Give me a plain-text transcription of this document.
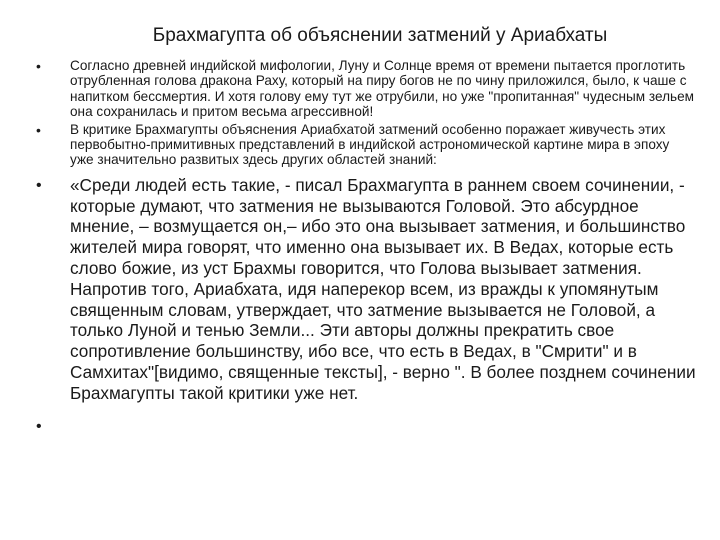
Брахмагупта об объяснении затмений у Ариабхаты
• Согласно древней индийской мифологии, Луну и Солнце время от времени пытается проглотить отрубленная голова дракона Раху, который на пиру богов не по чину приложился, было, к чаше с напитком бессмертия. И хотя голову ему тут же отрубили, но уже "пропитанная" чудесным зельем она сохранилась и притом весьма агрессивной!
• В критике Брахмагупты объяснения Ариабхатой затмений особенно поражает живучесть этих первобытно-примитивных представлений в индийской астрономической картине мира в эпоху уже значительно развитых здесь других областей знаний:
• «Среди людей есть такие, - писал Брахмагупта в раннем своем сочинении, - которые думают, что затмения не вызываются Головой. Это абсурдное мнение, – возмущается он,– ибо это она вызывает затмения, и большинство жителей мира говорят, что именно она вызывает их. В Ведах, которые есть слово божие, из уст Брахмы говорится, что Голова вызывает затмения. Напротив того, Ариабхата, идя наперекор всем, из вражды к упомянутым священным словам, утверждает, что затмение вызывается не Головой, а только Луной и тенью Земли... Эти авторы должны прекратить свое сопротивление большинству, ибо все, что есть в Ведах, в "Смрити" и в Самхитах"[видимо, священные тексты], - верно ". В более позднем сочинении Брахмагупты такой критики уже нет.
•
